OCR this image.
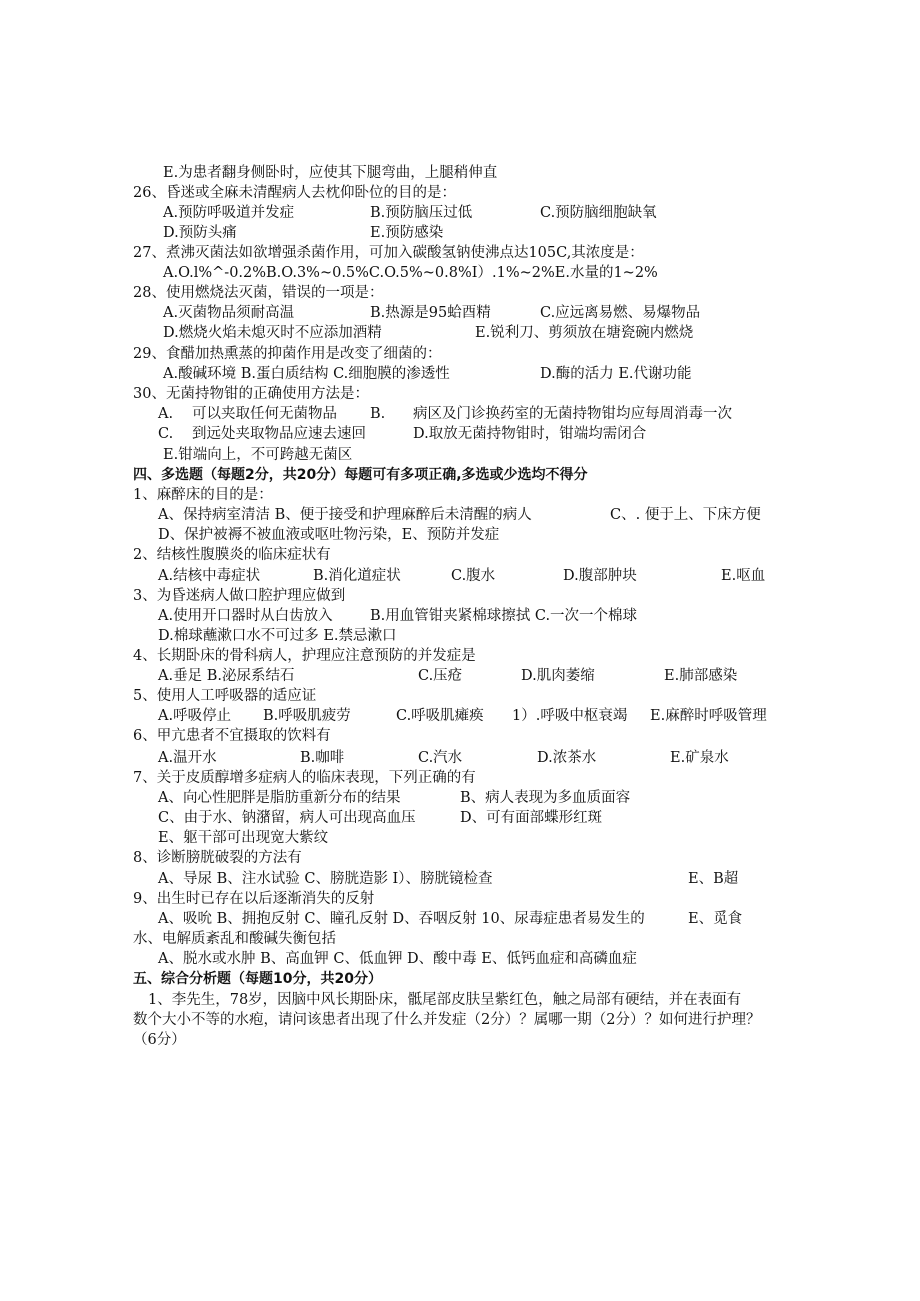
E.为患者翻身侧卧时，应使其下腿弯曲，上腿稍伸直
26、昏迷或全麻未清醒病人去枕仰卧位的目的是：
A.预防呼吸道并发症	B.预防脑压过低	C.预防脑细胞缺氧
D.预防头痛	E.预防感染
27、煮沸灭菌法如欲增强杀菌作用，可加入碳酸氢钠使沸点达105C,其浓度是：
A.O.l%^-0.2%B.O.3%~0.5%C.O.5%~0.8%I）.1%~2%E.水量的1~2%
28、使用燃烧法灭菌，错误的一项是：
A.灭菌物品须耐高温	B.热源是95蛤酉精	C.应远离易燃、易爆物品
D.燃烧火焰未熄灭时不应添加酒精	E.锐利刀、剪须放在塘瓷碗内燃烧
29、食醋加热熏蒸的抑菌作用是改变了细菌的：
A.酸碱环境 B.蛋白质结构 C.细胞膜的渗透性	D.酶的活力 E.代谢功能
30、无菌持物钳的正确使用方法是：
A. 可以夹取任何无菌物品 B. 病区及门诊换药室的无菌持物钳均应每周消毒一次
C. 到远处夹取物品应速去速回	D.取放无菌持物钳时，钳端均需闭合
E.钳端向上，不可跨越无菌区
四、多选题（每题2分，共20分）每题可有多项正确,多选或少选均不得分
1、麻醉床的目的是：
A、保持病室清洁 B、便于接受和护理麻醉后未清醒的病人	C、. 便于上、下床方便
D、保护被褥不被血液或呕吐物污染，E、预防并发症
2、结核性腹膜炎的临床症状有
A.结核中毒症状	B.消化道症状	C.腹水	D.腹部肿块	E.呕血
3、为昏迷病人做口腔护理应做到
A.使用开口器时从白齿放入	B.用血管钳夹紧棉球擦拭 C.一次一个棉球
D.棉球蘸漱口水不可过多 E.禁忌漱口
4、长期卧床的骨科病人，护理应注意预防的并发症是
A.垂足 B.泌尿系结石	C.压疮	D.肌肉萎缩	E.肺部感染
5、使用人工呼吸器的适应证
A.呼吸停止 B.呼吸肌疲劳	C.呼吸肌瘫痪 1）.呼吸中枢衰竭 E.麻醉时呼吸管理
6、甲亢患者不宜摄取的饮料有
A.温开水	B.咖啡	C.汽水	D.浓茶水	E.矿泉水
7、关于皮质醇增多症病人的临床表现，下列正确的有
A、向心性肥胖是脂肪重新分布的结果	B、病人表现为多血质面容
C、由于水、钠潴留，病人可出现高血压	D、可有面部蝶形红斑
E、躯干部可出现宽大紫纹
8、诊断膀胱破裂的方法有
A、导尿 B、注水试验 C、膀胱造影 I）、膀胱镜检查	E、B超
9、出生时已存在以后逐渐消失的反射
A、吸吮 B、拥抱反射 C、瞳孔反射 D、吞咽反射 10、尿毒症患者易发生的	E、觅食
水、电解质紊乱和酸碱失衡包括
A、脱水或水肿 B、高血钾 C、低血钾 D、酸中毒 E、低钙血症和高磷血症
五、综合分析题（每题10分，共20分）
1、李先生，78岁，因脑中风长期卧床，骶尾部皮肤呈紫红色，触之局部有硬结，并在表面有
数个大小不等的水疱，请问该患者出现了什么并发症（2分）？属哪一期（2分）？如何进行护理？
（6分）
